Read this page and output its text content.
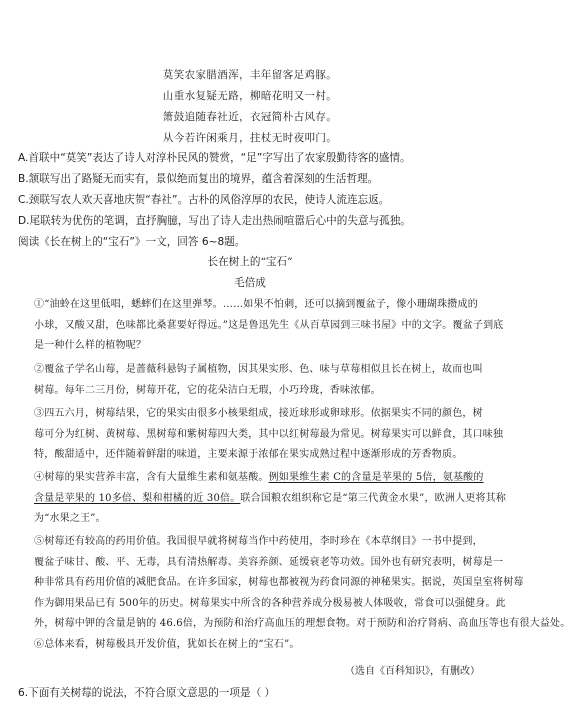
莫笑农家腊酒浑，丰年留客足鸡豚。
山重水复疑无路，柳暗花明又一村。
箫鼓追随春社近，衣冠简朴古风存。
从今若许闲乘月，拄杖无时夜叩门。
A.首联中“莫笑”表达了诗人对淳朴民风的赞赏，“足”字写出了农家殷勤待客的盛情。
B.颔联写出了路疑无而实有，景似绝而复出的境界，蕴含着深刻的生活哲理。
C.颈联写农人欢天喜地庆贺“春社”。古朴的风俗淳厚的农民，使诗人流连忘返。
D.尾联转为优伤的笔调，直抒胸臆，写出了诗人走出热闹喧嚣后心中的失意与孤独。
阅读《长在树上的“宝石”》一文，回答 6~8题。
长在树上的“宝石”
毛倍成

①“油蛉在这里低唱，蟋蟀们在这里弹琴。……如果不怕刺，还可以摘到覆盆子，像小珊瑚珠攒成的

小球，又酸又甜，色味都比桑葚要好得远。”这是鲁迅先生《从百草园到三味书屋》中的文字。覆盆子到底

是一种什么样的植物呢？

②覆盆子学名山莓，是蔷薇科悬钩子属植物，因其果实形、色、味与草莓相似且长在树上，故而也叫

树莓。每年二三月份，树莓开花，它的花朵洁白无瑕，小巧玲珑，香味浓郁。

③四五六月，树莓结果，它的果实由很多小核果组成，接近球形或卵球形。依据果实不同的颜色，树

莓可分为红树、黄树莓、黑树莓和紫树莓四大类，其中以红树莓最为常见。树莓果实可以鲜食，其口味独

特，酸甜适中，还伴随着鲜甜的味道，主要来源于浓郁在果实成熟过程中逐渐形成的芳香物质。

④树莓的果实营养丰富，含有大量维生素和氨基酸。例如果维生素 C的含量是苹果的 5倍，氨基酸的

含量是苹果的 10多倍、梨和柑橘的近 30倍。联合国粮农组织称它是“第三代黄金水果”，欧洲人更将其称

为“水果之王”。

⑤树莓还有较高的药用价值。我国很早就将树莓当作中药使用，李时珍在《本草纲目》一书中提到，

覆盆子味甘、酸、平、无毒，具有清热解毒、美容养颜、延缓衰老等功效。国外也有研究表明，树莓是一

种非常具有药用价值的减肥食品。在许多国家，树莓也都被视为药食同源的神秘果实。据说，英国皇室将树莓

作为御用果品已有 500年的历史。树莓果实中所含的各种营养成分极易被人体吸收，常食可以强健身。此

外，树莓中钾的含量是钠的 46.6倍，为预防和治疗高血压的理想食物。对于预防和治疗肾病、高血压等也有很大益处。

⑥总体来看，树莓极具开发价值，犹如长在树上的“宝石”。

（选自《百科知识》，有删改）
6.下面有关树莓的说法，不符合原文意思的一项是（ ）
